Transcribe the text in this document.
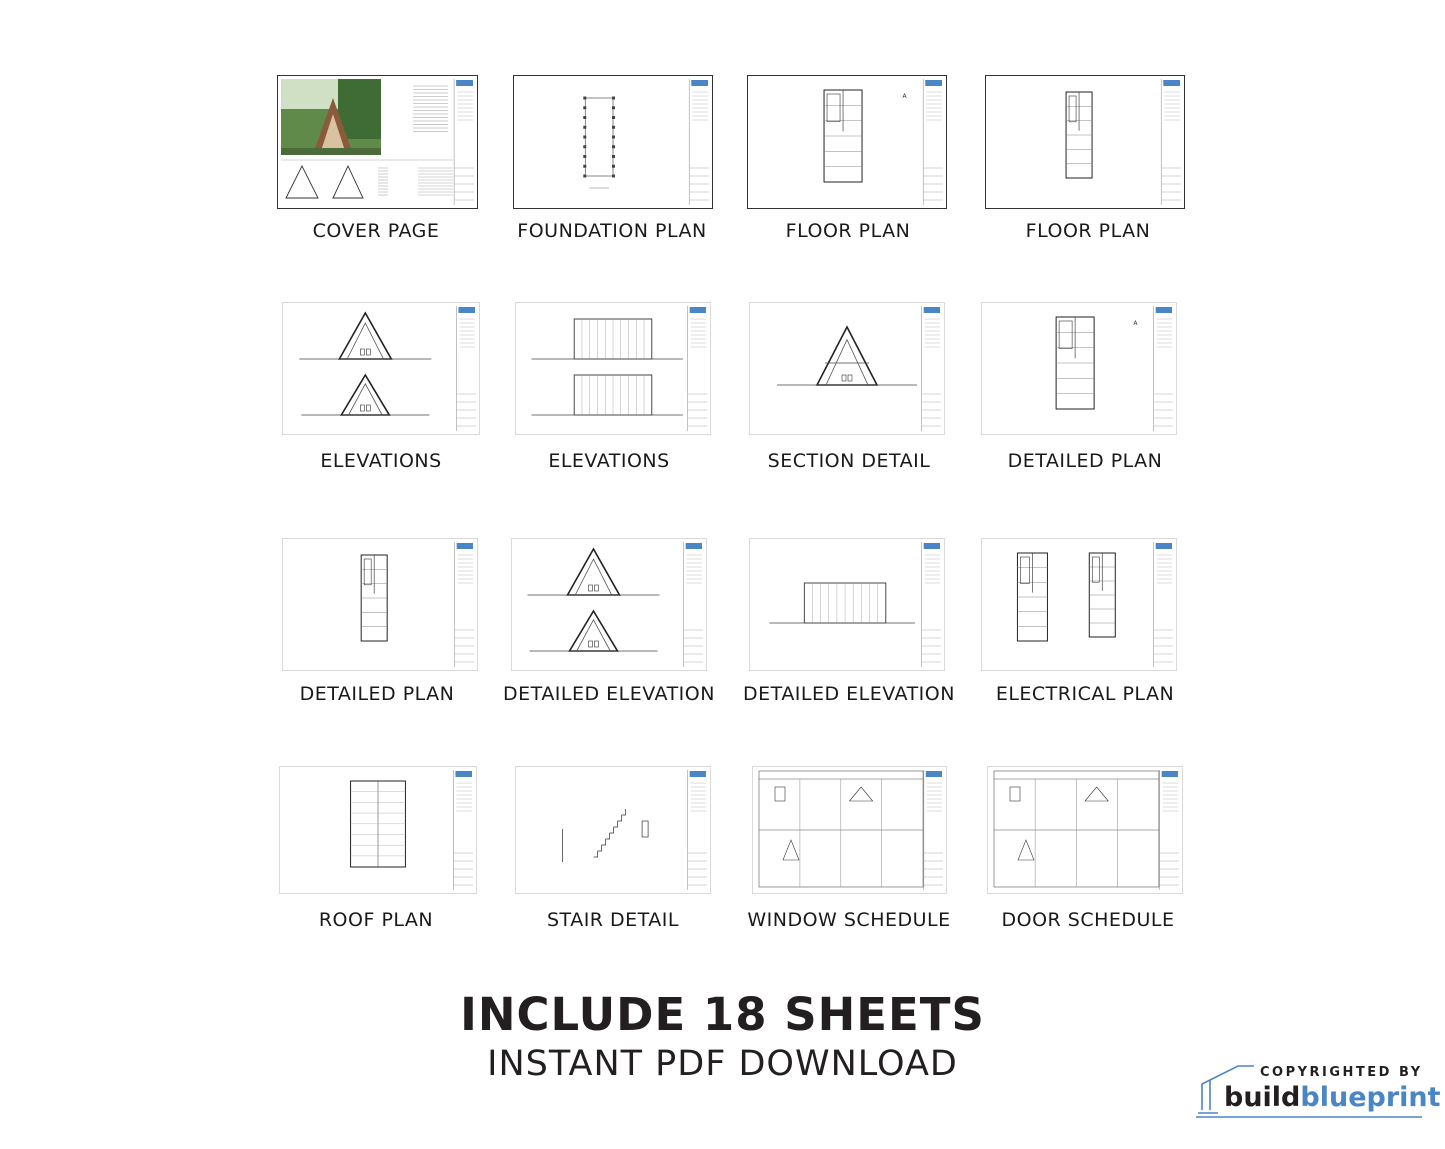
A
COVER PAGE	FOUNDATION PLAN	FLOOR PLAN	FLOOR PLAN
A
ELEVATIONS	ELEVATIONS	SECTION DETAIL	DETAILED PLAN
DETAILED PLAN	DETAILED ELEVATION	DETAILED ELEVATION	ELECTRICAL PLAN
ROOF PLAN	STAIR DETAIL	WINDOW SCHEDULE	DOOR SCHEDULE
INCLUDE 18 SHEETS
INSTANT PDF DOWNLOAD	COPYRIGHTED BY
buildblueprint
